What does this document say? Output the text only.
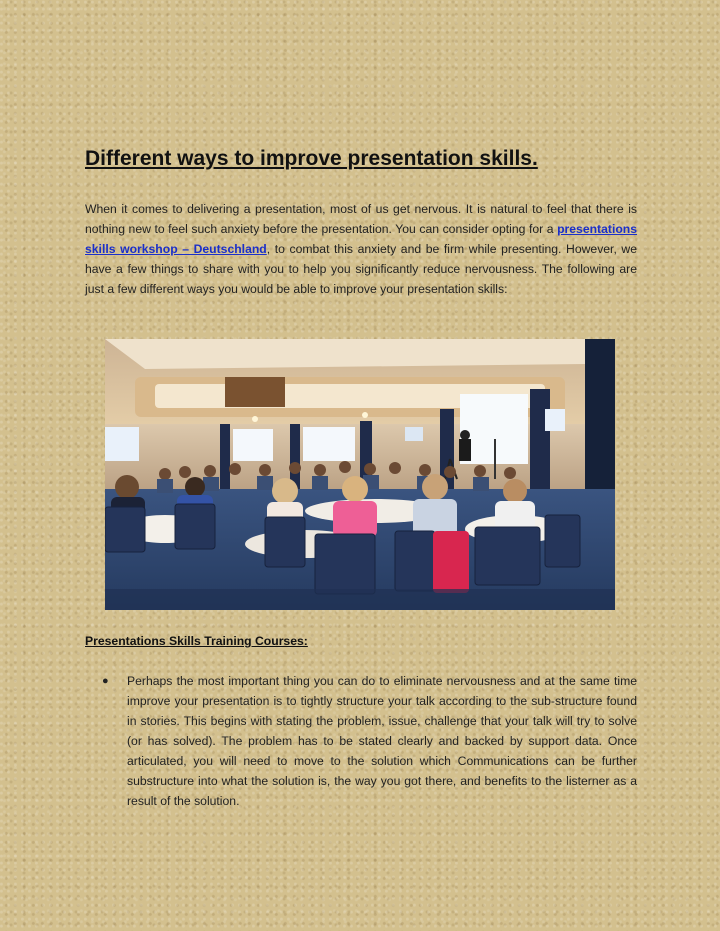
Different ways to improve presentation skills.

When it comes to delivering a presentation, most of us get nervous. It is natural to feel that there is nothing new to feel such anxiety before the presentation. You can consider opting for a presentations skills workshop – Deutschland, to combat this anxiety and be firm while presenting. However, we have a few things to share with you to help you significantly reduce nervousness. The following are just a few different ways you would be able to improve your presentation skills:

Presentations Skills Training Courses:
● Perhaps the most important thing you can do to eliminate nervousness and at the same time improve your presentation is to tightly structure your talk according to the sub-structure found in stories. This begins with stating the problem, issue, challenge that your talk will try to solve (or has solved). The problem has to be stated clearly and backed by support data. Once articulated, you will need to move to the solution which Communications can be further substructure into what the solution is, the way you got there, and benefits to the listerner as a result of the solution.
